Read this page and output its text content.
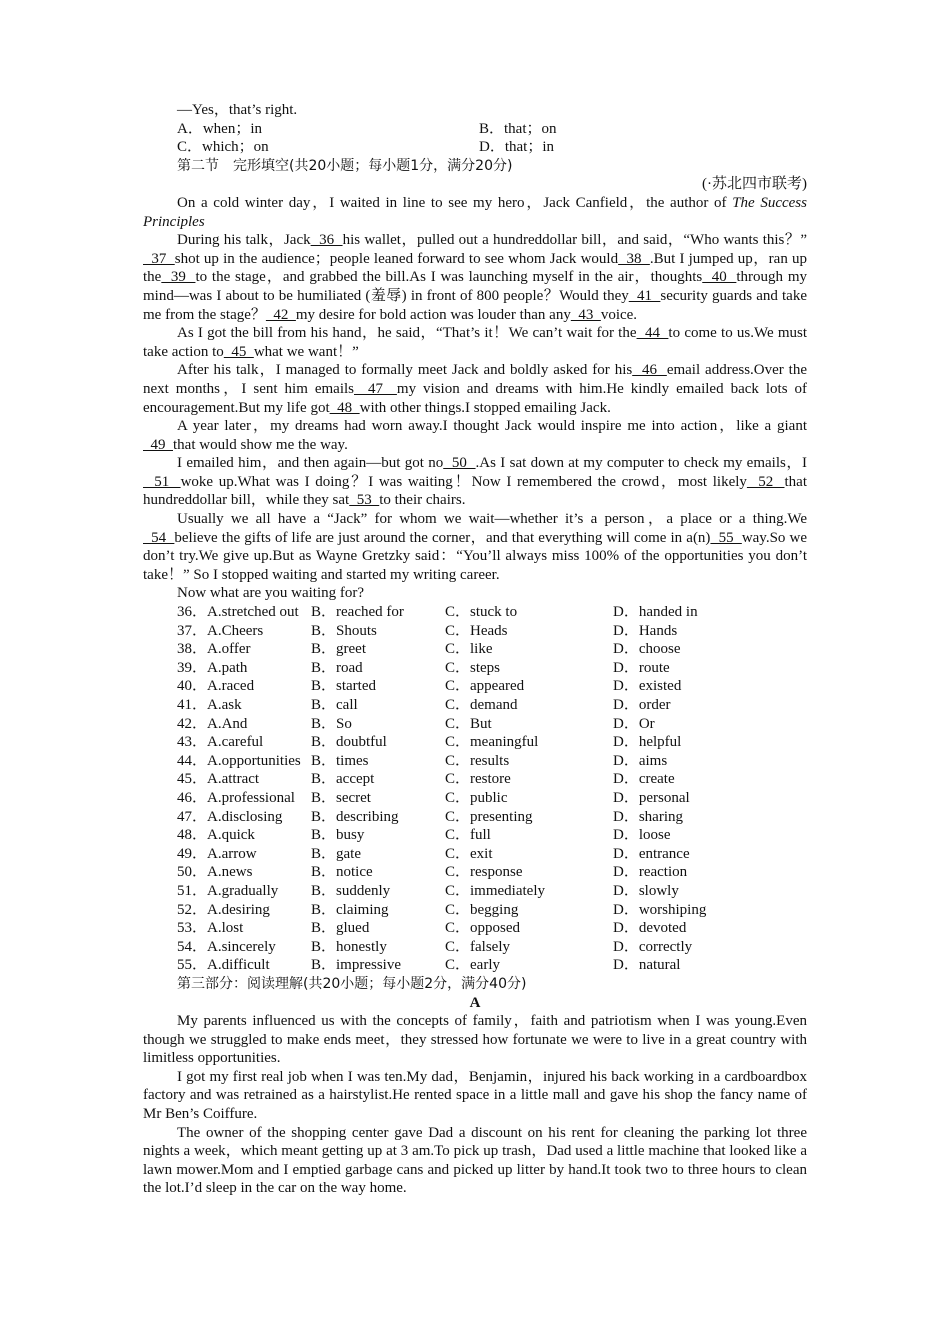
—Yes，that’s right.

A．when；in	B．that；on
C．which；on	D．that；in

第二节　完形填空(共20小题；每小题1分，满分20分)

(·苏北四市联考)

On a cold winter day，I waited in line to see my hero，Jack Canfield，the author of The Success Principles

During his talk，Jack  36  his wallet，pulled out a hundreddollar bill，and said，“Who wants this？”  37  shot up in the audience；people leaned forward to see whom Jack would  38  .But I jumped up，ran up the  39  to the stage，and grabbed the bill.As I was launching myself in the air，thoughts  40  through my mind—was I about to be humiliated (羞辱) in front of 800 people？Would they  41  security guards and take me from the stage？  42  my desire for bold action was louder than any  43  voice.

As I got the bill from his hand，he said，“That’s it！We can’t wait for the  44  to come to us.We must take action to  45  what we want！”

After his talk，I managed to formally meet Jack and boldly asked for his  46  email address.Over the next months，I sent him emails  47  my vision and dreams with him.He kindly emailed back lots of encouragement.But my life got  48  with other things.I stopped emailing Jack.

A year later，my dreams had worn away.I thought Jack would inspire me into action，like a giant  49  that would show me the way.

I emailed him，and then again—but got no  50  .As I sat down at my computer to check my emails，I  51  woke up.What was I doing？I was waiting！Now I remembered the crowd，most likely  52  that hundreddollar bill，while they sat  53  to their chairs.

Usually we all have a “Jack” for whom we wait—whether it’s a person，a place or a thing.We  54  believe the gifts of life are just around the corner，and that everything will come in a(n)  55  way.So we don’t try.We give up.But as Wayne Gretzky said：“You’ll always miss 100% of the opportunities you don’t take！” So I stopped waiting and started my writing career.

Now what are you waiting for?

36．A.stretched out B．reached for	C．stuck to	D．handed in
37．A.Cheers	B．Shouts	C．Heads	D．Hands
38．A.offer	B．greet	C．like	D．choose
39．A.path	B．road	C．steps	D．route
40．A.raced	B．started	C．appeared	D．existed
41．A.ask	B．call	C．demand	D．order
42．A.And	B．So	C．But	D．Or
43．A.careful	B．doubtful	C．meaningful	D．helpful
44．A.opportunities B．times	C．results	D．aims
45．A.attract	B．accept	C．restore	D．create
46．A.professional	B．secret	C．public	D．personal
47．A.disclosing	B．describing	C．presenting	D．sharing
48．A.quick	B．busy	C．full	D．loose
49．A.arrow	B．gate	C．exit	D．entrance
50．A.news	B．notice	C．response	D．reaction
51．A.gradually	B．suddenly	C．immediately	D．slowly
52．A.desiring	B．claiming	C．begging	D．worshiping
53．A.lost	B．glued	C．opposed	D．devoted
54．A.sincerely	B．honestly	C．falsely	D．correctly
55．A.difficult	B．impressive	C．early	D．natural

第三部分：阅读理解(共20小题；每小题2分，满分40分)

A

My parents influenced us with the concepts of family，faith and patriotism when I was young.Even though we struggled to make ends meet，they stressed how fortunate we were to live in a great country with limitless opportunities.

I got my first real job when I was ten.My dad，Benjamin，injured his back working in a cardboardbox factory and was retrained as a hairstylist.He rented space in a little mall and gave his shop the fancy name of Mr Ben’s Coiffure.

The owner of the shopping center gave Dad a discount on his rent for cleaning the parking lot three nights a week，which meant getting up at 3 am.To pick up trash，Dad used a little machine that looked like a lawn mower.Mom and I emptied garbage cans and picked up litter by hand.It took two to three hours to clean the lot.I’d sleep in the car on the way home.
